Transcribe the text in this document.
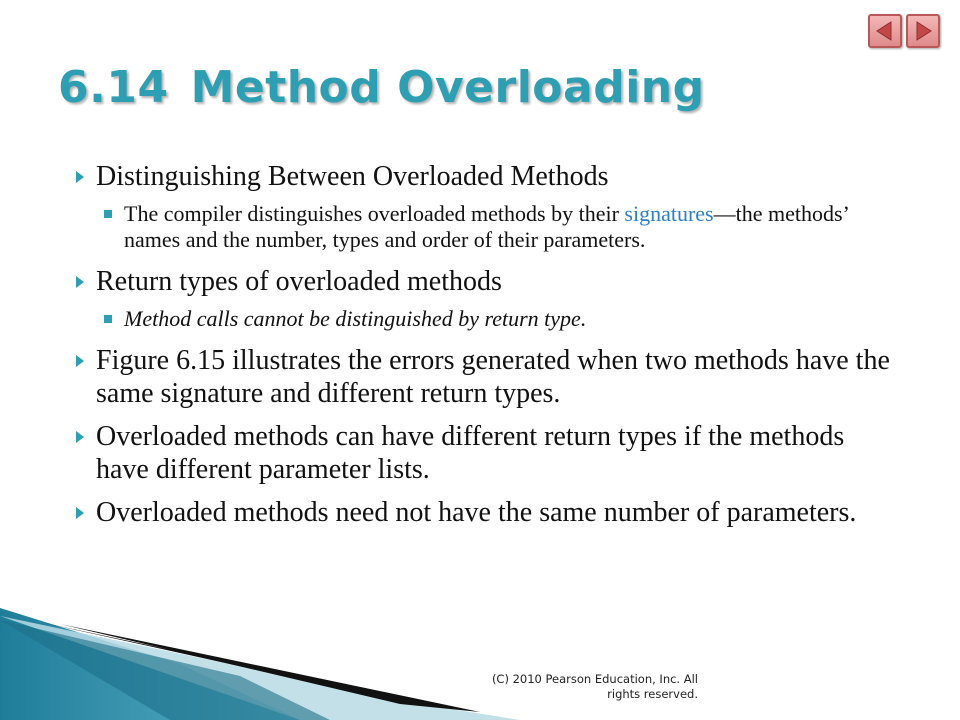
6.14 Method Overloading
Distinguishing Between Overloaded Methods
The compiler distinguishes overloaded methods by their signatures—the methods’ names and the number, types and order of their parameters.
Return types of overloaded methods
Method calls cannot be distinguished by return type.
Figure 6.15 illustrates the errors generated when two methods have the same signature and different return types.
Overloaded methods can have different return types if the methods have different parameter lists.
Overloaded methods need not have the same number of parameters.
(C) 2010 Pearson Education, Inc. All
rights reserved.
